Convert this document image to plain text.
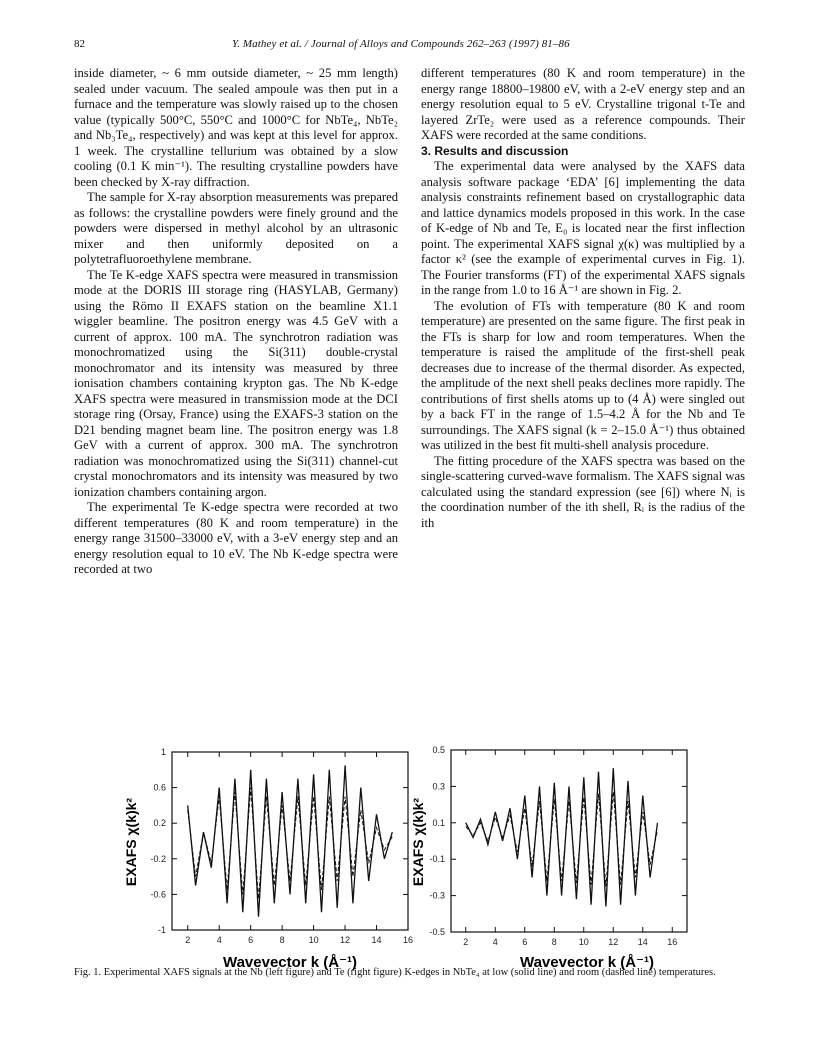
82	Y. Mathey et al. / Journal of Alloys and Compounds 262–263 (1997) 81–86

inside diameter, ~ 6 mm outside diameter, ~ 25 mm length) sealed under vacuum. The sealed ampoule was then put in a furnace and the temperature was slowly raised up to the chosen value (typically 500°C, 550°C and 1000°C for NbTe₄, NbTe₂ and Nb₃Te₄, respectively) and was kept at this level for approx. 1 week. The crystalline tellurium was obtained by a slow cooling (0.1 K min⁻¹). The resulting crystalline powders have been checked by X-ray diffraction.

The sample for X-ray absorption measurements was prepared as follows: the crystalline powders were finely ground and the powders were dispersed in methyl alcohol by an ultrasonic mixer and then uniformly deposited on a polytetrafluoroethylene membrane.

The Te K-edge XAFS spectra were measured in transmission mode at the DORIS III storage ring (HASYLAB, Germany) using the Römo II EXAFS station on the beamline X1.1 wiggler beamline. The positron energy was 4.5 GeV with a current of approx. 100 mA. The synchrotron radiation was monochromatized using the Si(311) double-crystal monochromator and its intensity was measured by three ionisation chambers containing krypton gas. The Nb K-edge XAFS spectra were measured in transmission mode at the DCI storage ring (Orsay, France) using the EXAFS-3 station on the D21 bending magnet beam line. The positron energy was 1.8 GeV with a current of approx. 300 mA. The synchrotron radiation was monochromatized using the Si(311) channel-cut crystal monochromators and its intensity was measured by two ionization chambers containing argon.

The experimental Te K-edge spectra were recorded at two different temperatures (80 K and room temperature) in the energy range 31500–33000 eV, with a 3-eV energy step and an energy resolution equal to 10 eV. The Nb K-edge spectra were recorded at two

different temperatures (80 K and room temperature) in the energy range 18800–19800 eV, with a 2-eV energy step and an energy resolution equal to 5 eV. Crystalline trigonal t-Te and layered ZrTe₂ were used as a reference compounds. Their XAFS were recorded at the same conditions.

3. Results and discussion

The experimental data were analysed by the XAFS data analysis software package ‘EDA’ [6] implementing the data analysis constraints refinement based on crystallographic data and lattice dynamics models proposed in this work. In the case of K-edge of Nb and Te, E₀ is located near the first inflection point. The experimental XAFS signal χ(κ) was multiplied by a factor κ² (see the example of experimental curves in Fig. 1). The Fourier transforms (FT) of the experimental XAFS signals in the range from 1.0 to 16 Å⁻¹ are shown in Fig. 2.

The evolution of FTs with temperature (80 K and room temperature) are presented on the same figure. The first peak in the FTs is sharp for low and room temperatures. When the temperature is raised the amplitude of the first-shell peak decreases due to increase of the thermal disorder. As expected, the amplitude of the next shell peaks declines more rapidly. The contributions of first shells atoms up to (4 Å) were singled out by a back FT in the range of 1.5–4.2 Å for the Nb and Te surroundings. The XAFS signal (k = 2–15.0 Å⁻¹) thus obtained was utilized in the best fit multi-shell analysis procedure.

The fitting procedure of the XAFS spectra was based on the single-scattering curved-wave formalism. The XAFS signal was calculated using the standard expression (see [6]) where Nᵢ is the coordination number of the ith shell, Rᵢ is the radius of the ith

EXAFS χ(k)k²
Wavevector k (Å⁻¹)
1
0.6
0.2
-0.2
-0.6
-1
2	4	6	8	10 12 14 16
EXAFS χ(k)k²
Wavevector k (Å⁻¹)
0.5
0.3
0.1
-0.1
-0.3
-0.5
2	4	6	8 10 12 14 16
Fig. 1. Experimental XAFS signals at the Nb (left figure) and Te (right figure) K-edges in NbTe₄ at low (solid line) and room (dashed line) temperatures.
